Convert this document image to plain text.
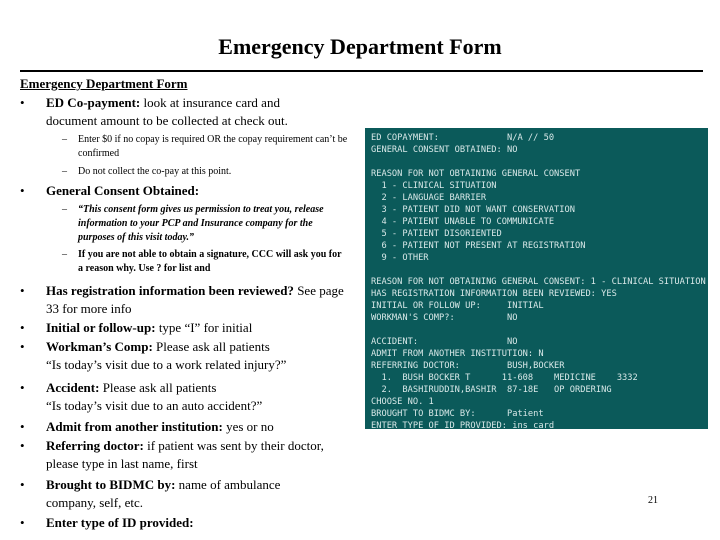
Emergency Department Form
Emergency Department Form
• ED Co-payment: look at insurance card and document amount to be collected at check out.
– Enter $0 if no copay is required OR the copay requirement can’t be confirmed
– Do not collect the co-pay at this point.
• General Consent Obtained:
– “This consent form gives us permission to treat you, release information to your PCP and Insurance company for the purposes of this visit today.”
– If you are not able to obtain a signature, CCC will ask you for a reason why. Use ? for list and
• Has registration information been reviewed? See page 33 for more info
• Initial or follow-up: type “I” for initial
• Workman’s Comp: Please ask all patients
“Is today’s visit due to a work related injury?”
• Accident: Please ask all patients
“Is today’s visit due to an auto accident?”
• Admit from another institution: yes or no
• Referring doctor: if patient was sent by their doctor,
please type in last name, first
• Brought to BIDMC by: name of ambulance
company, self, etc.
• Enter type of ID provided:
ED COPAYMENT:             N/A // 50
GENERAL CONSENT OBTAINED: NO

REASON FOR NOT OBTAINING GENERAL CONSENT
1 - CLINICAL SITUATION
2 - LANGUAGE BARRIER
3 - PATIENT DID NOT WANT CONSERVATION
4 - PATIENT UNABLE TO COMMUNICATE
5 - PATIENT DISORIENTED
6 - PATIENT NOT PRESENT AT REGISTRATION
9 - OTHER

REASON FOR NOT OBTAINING GENERAL CONSENT: 1 - CLINICAL SITUATION
HAS REGISTRATION INFORMATION BEEN REVIEWED: YES
INITIAL OR FOLLOW UP:     INITIAL
WORKMAN'S COMP?:          NO

ACCIDENT:                 NO
ADMIT FROM ANOTHER INSTITUTION: N
REFERRING DOCTOR:         BUSH,BOCKER
1.  BUSH BOCKER T      11-608    MEDICINE    3332
2.  BASHIRUDDIN,BASHIR  87-18E   OP ORDERING
CHOOSE NO. 1
BROUGHT TO BIDMC BY:      Patient
ENTER TYPE OF ID PROVIDED: ins card
21
